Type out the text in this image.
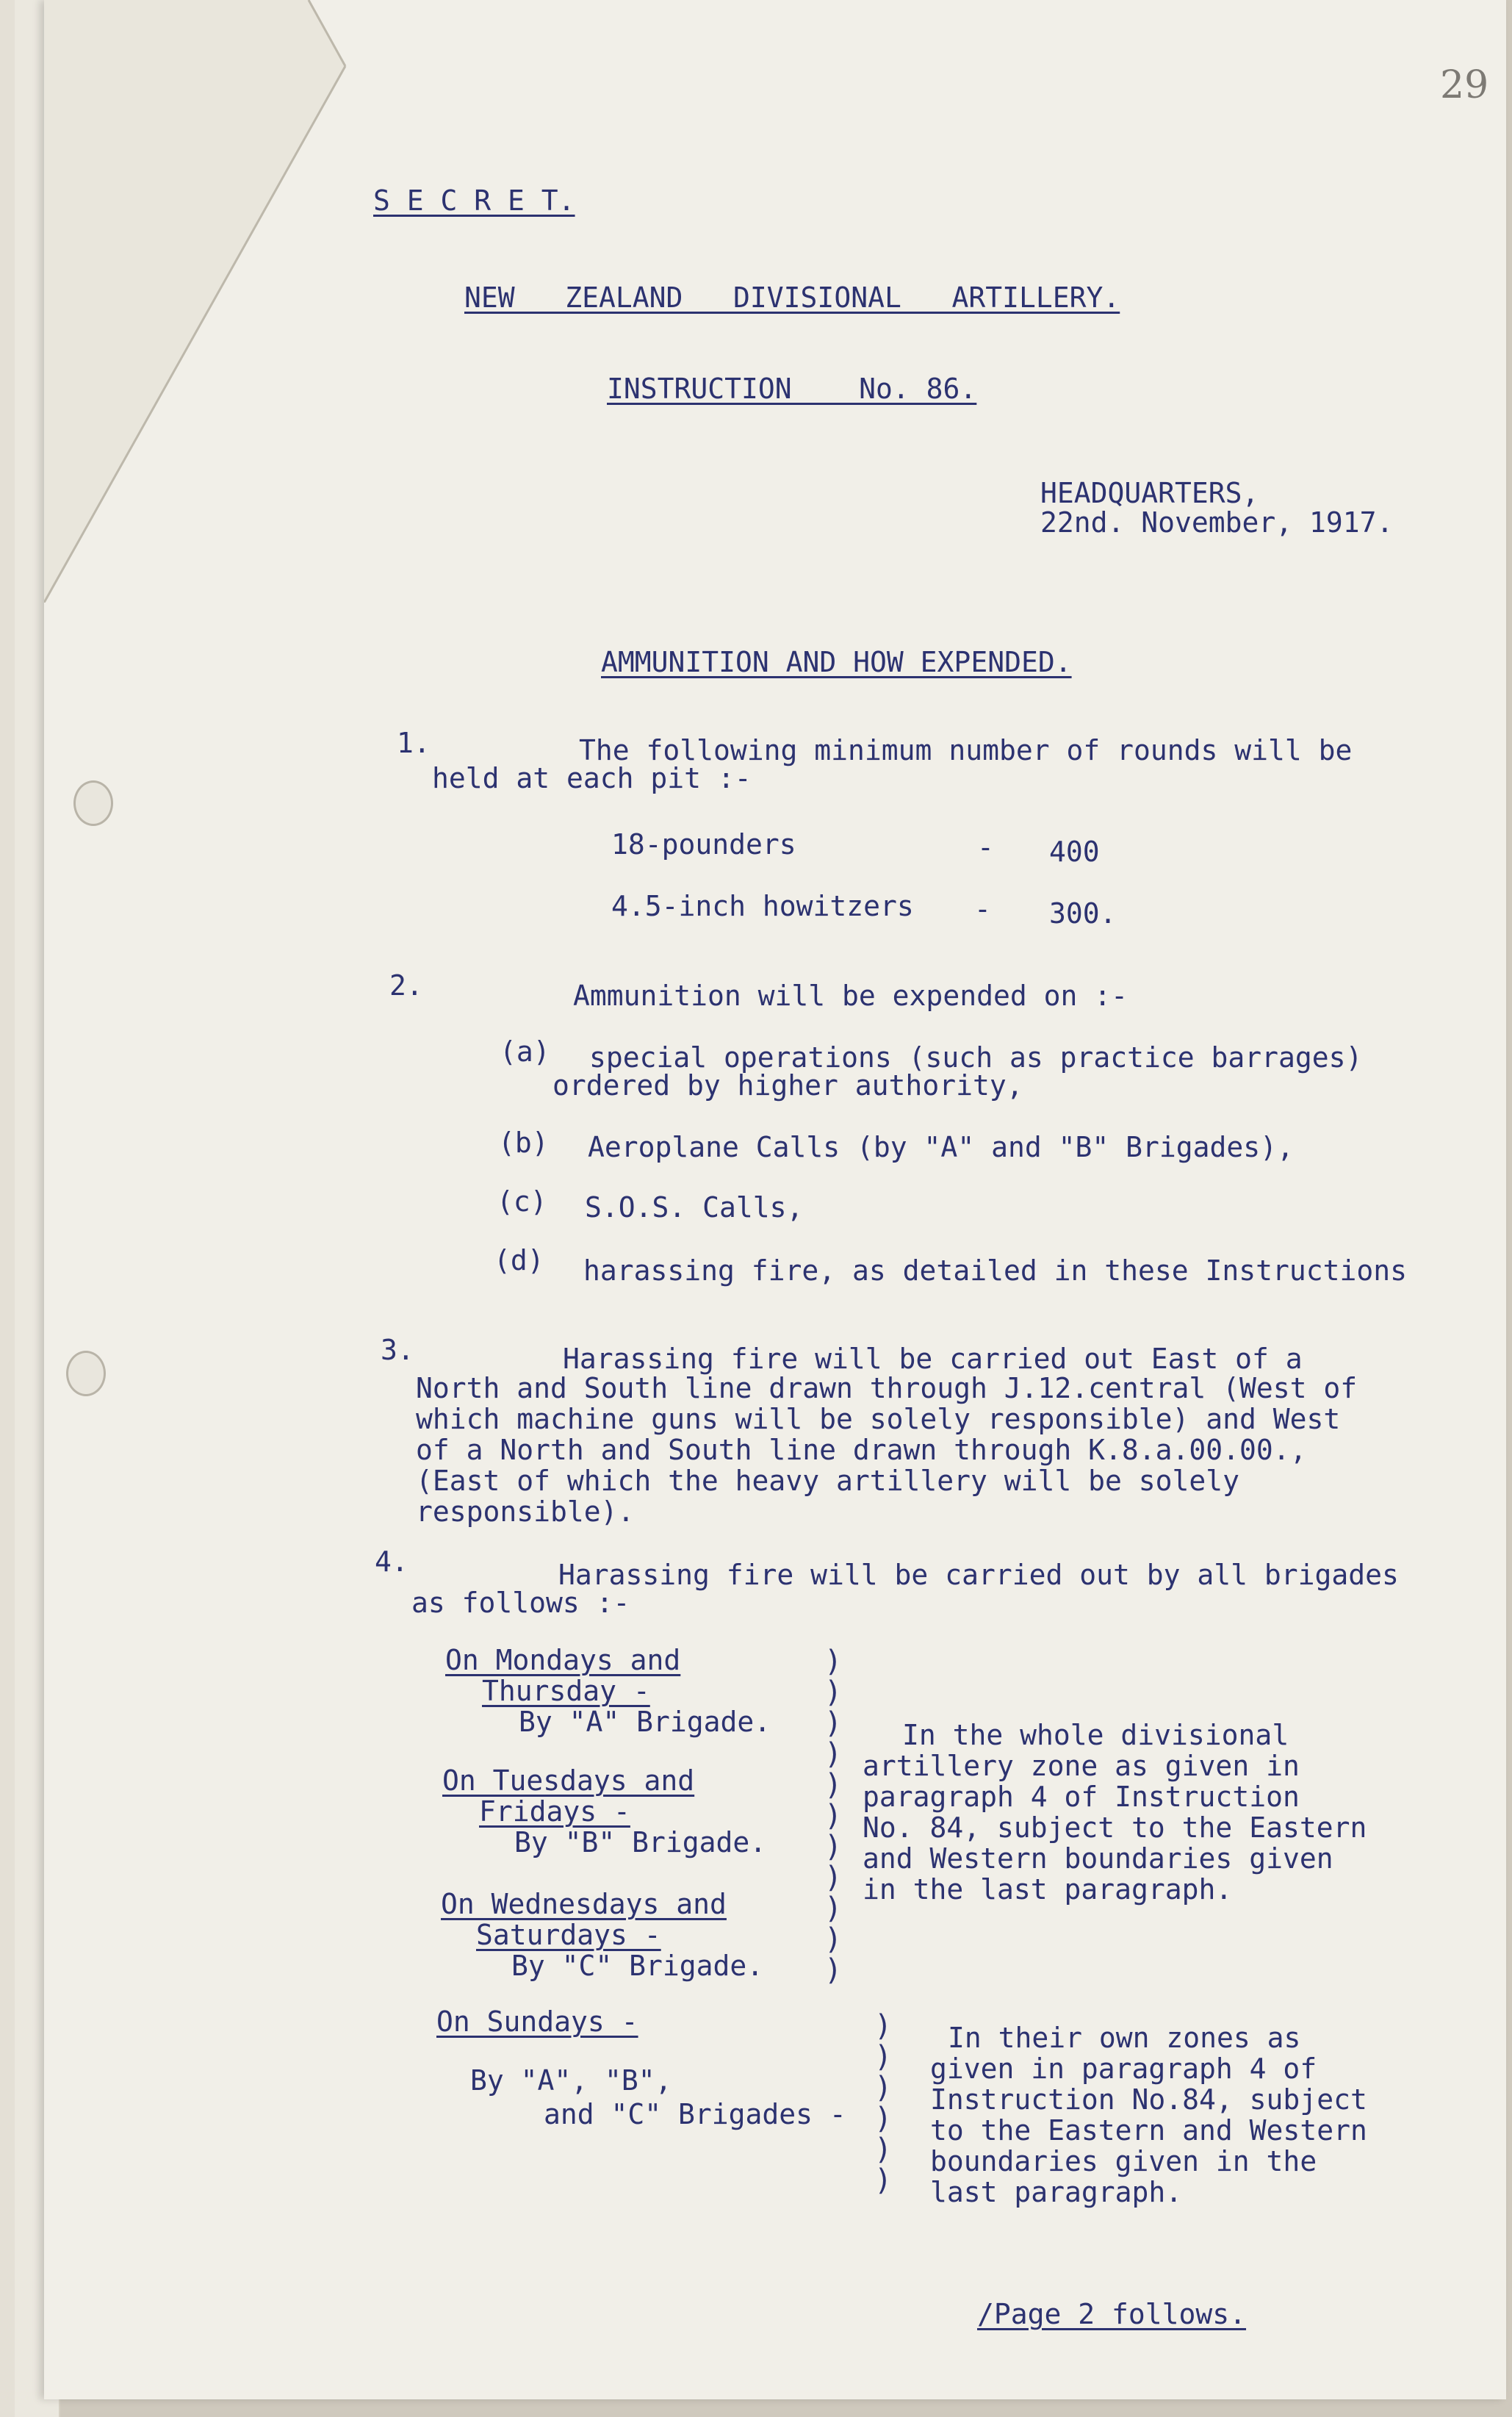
29
S E C R E T.
NEW   ZEALAND   DIVISIONAL   ARTILLERY.
INSTRUCTION    No. 86.
HEADQUARTERS,
22nd. November, 1917.
AMMUNITION AND HOW EXPENDED.
1.	The following minimum number of rounds will be
held at each pit :-
18-pounders	- 400
4.5-inch howitzers - 300.
2.	Ammunition will be expended on :-
(a) special operations (such as practice barrages)
ordered by higher authority,
(b) Aeroplane Calls (by "A" and "B" Brigades),
(c) S.O.S. Calls,
(d) harassing fire, as detailed in these Instructions
3.	Harassing fire will be carried out East of a
North and South line drawn through J.12.central (West of
which machine guns will be solely responsible) and West
of a North and South line drawn through K.8.a.00.00.,
(East of which the heavy artillery will be solely
responsible).
4.	Harassing fire will be carried out by all brigades
as follows :-
On Mondays and
Thursday -
By "A" Brigade.
On Tuesdays and
Fridays -
By "B" Brigade.
On Wednesdays and
Saturdays -
By "C" Brigade.
)
)
)
)
)
)
)
)
)
)
)
In the whole divisional
artillery zone as given in
paragraph 4 of Instruction
No. 84, subject to the Eastern
and Western boundaries given
in the last paragraph.
On Sundays -
By "A", "B",
and "C" Brigades -
)
)
)
)
)
)
In their own zones as
given in paragraph 4 of
Instruction No.84, subject
to the Eastern and Western
boundaries given in the
last paragraph.
/Page 2 follows.
